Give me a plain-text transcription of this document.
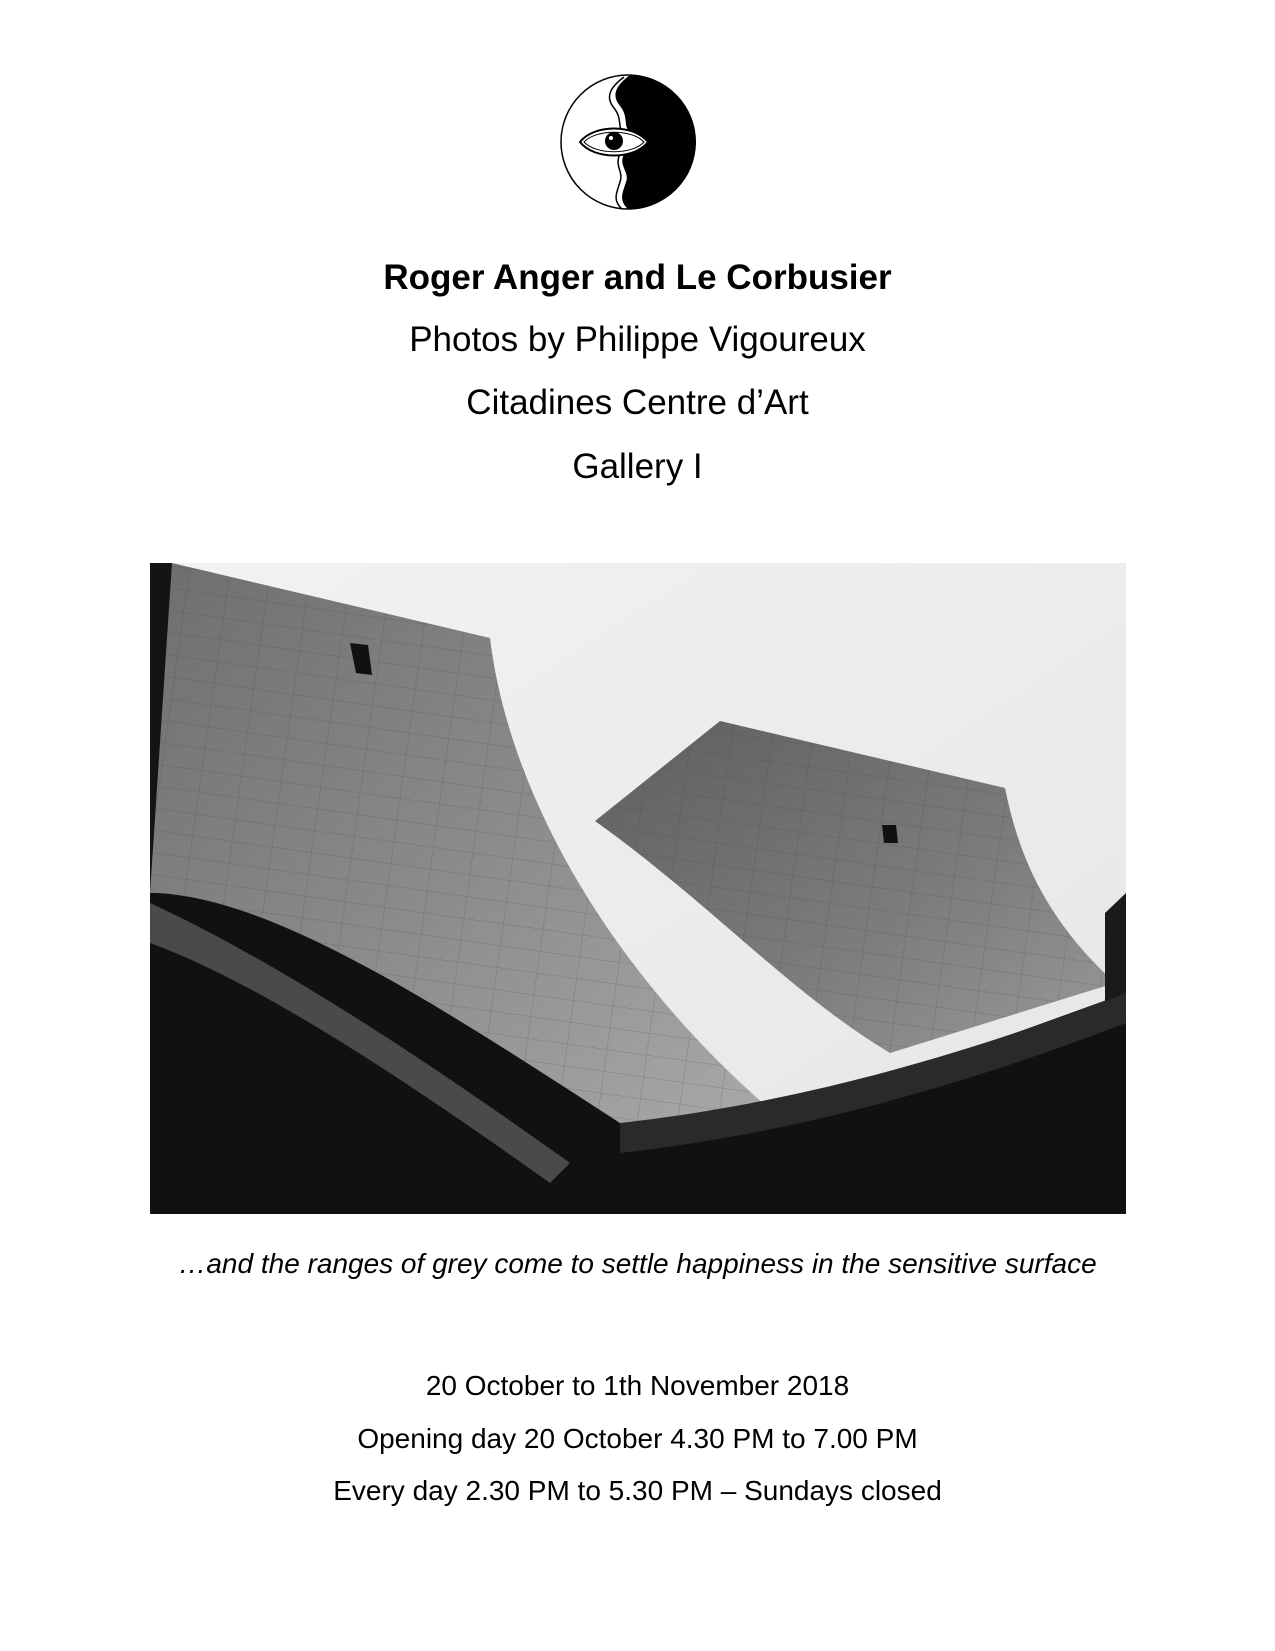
Roger Anger and Le Corbusier
Photos by Philippe Vigoureux
Citadines Centre d’Art
Gallery I
…and the ranges of grey come to settle happiness in the sensitive surface
20 October to 1th November 2018
Opening day 20 October 4.30 PM to 7.00 PM
Every day 2.30 PM to 5.30 PM – Sundays closed
